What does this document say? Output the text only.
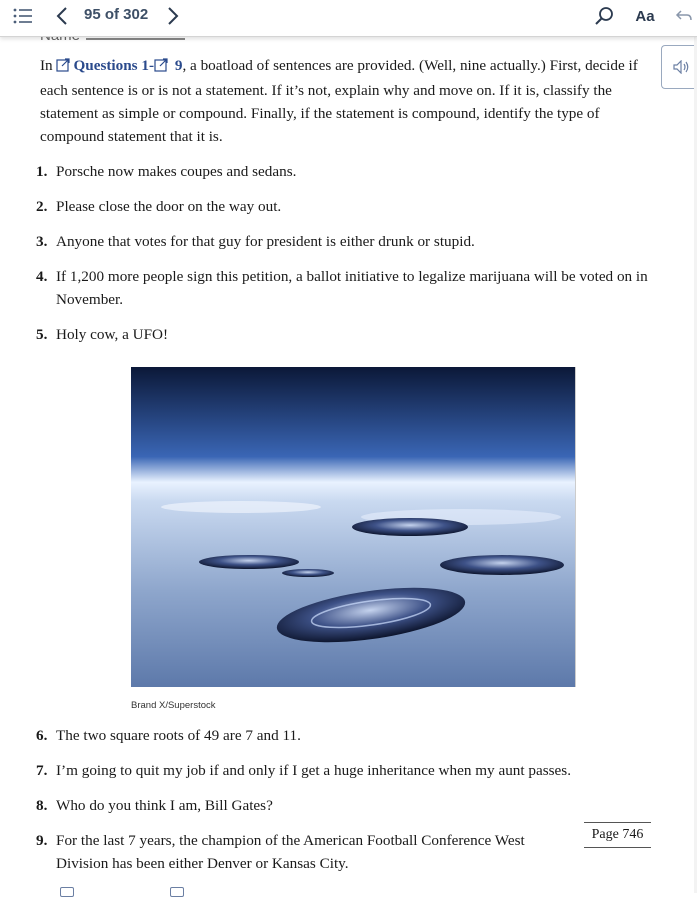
95 of 302	Aa
In Questions 1- 9, a boatload of sentences are provided. (Well, nine actually.) First, decide if each sentence is or is not a statement. If it’s not, explain why and move on. If it is, classify the statement as simple or compound. Finally, if the statement is compound, identify the type of compound statement that it is.
1. Porsche now makes coupes and sedans.
2. Please close the door on the way out.
3. Anyone that votes for that guy for president is either drunk or stupid.
4. If 1,200 more people sign this petition, a ballot initiative to legalize marijuana will be voted on in November.
5. Holy cow, a UFO!
Brand X/Superstock
6. The two square roots of 49 are 7 and 11.
7. I’m going to quit my job if and only if I get a huge inheritance when my aunt passes.
8. Who do you think I am, Bill Gates?
9. For the last 7 years, the champion of the American Football Conference West Division has been either Denver or Kansas City.
Page 746
